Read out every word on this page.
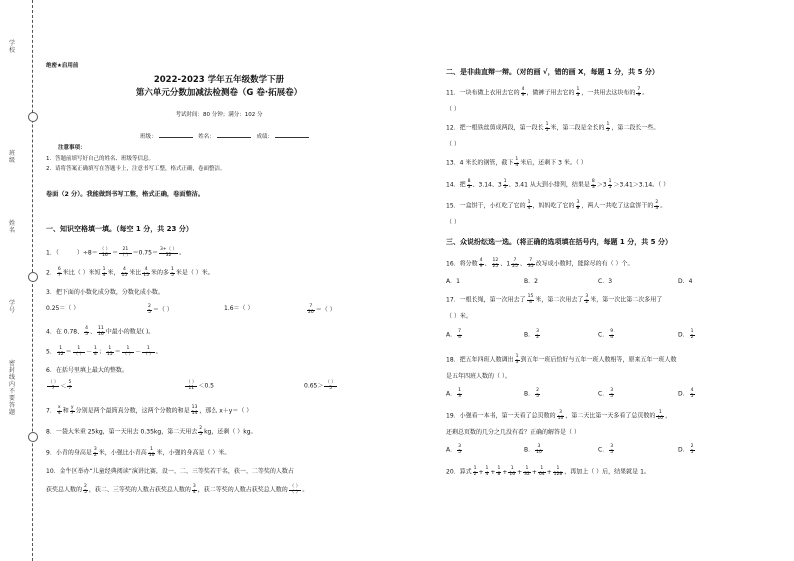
学校
班级
姓名
学号
密封线内不要答题
绝密★启用前
2022-2023 学年五年级数学下册
第六单元分数加减法检测卷（G 卷·拓展卷）
考试时间：80 分钟；满分：102 分
班级：	姓名：	成绩：
注意事项：
1．答题前填写好自己的姓名、班级等信息。
2．请将答案正确填写在答题卡上，注意书写工整，格式正确，卷面整洁。
卷面（2 分）。我能做到书写工整，格式正确，卷面整洁。
一、知识空格填一填。（每空 1 分，共 23 分）
1．（	）$\div 8= \frac{( )}{16} = \frac{21}{( )} =0.75= \frac{3+( )}{32}$ 。
2． $\frac{6}{7}$ 米比（ ）米短 $\frac{1}{4}$ 米， $\frac{4}{15}$ 米比 $\frac{4}{15}$ 米的多 $\frac{1}{5}$ 米是（ ）米。
3．把下面的小数化成分数，分数化成小数。
0.25＝（ ）	$\frac{2}{5}$ ＝（ ）	1.6＝（ ）	$\frac{7}{20}$ ＝（ ）
4．在 0.78、 $\frac{4}{5}$ 、 $\frac{11}{16}$ 中最小的数是( )。
5． $\frac{1}{12} = \frac{1}{( )} - \frac{1}{4}$ ； $\frac{1}{15} = \frac{1}{( )} - \frac{1}{( )}$ 。
6．在括号里填上最大的整数。
$\frac{( )}{7} < \frac{5}{7}$	$\frac{( )}{11} <0.5$	$0.65> \frac{( )}{5}$
7． $\frac{x}{4}$ 和 $\frac{y}{7}$ 分别是两个最简真分数，这两个分数的和是 $\frac{13}{14}$ ，那么 x＋y＝（ ）
8．一袋大米重 25kg，第一天用去 0.35kg，第二天用去 $\frac{2}{5}$ kg，还剩（ ）kg。
9．小青的身高是 $\frac{3}{2}$ 米，小强比小青高 $\frac{1}{10}$ 米，小强的身高是（ ）米。
10．金牛区举办“儿童经典阅读”演讲比赛，设一、二、三等奖若干名，获一、二等奖的人数占
获奖总人数的 $\frac{2}{5}$ ，获二、三等奖的人数占获奖总人数的 $\frac{3}{4}$ ，获二等奖的人数占获奖总人数的 $\frac{( )}{( )}$ 。
二、是非曲直辩一辩。（对的画 √，错的画 X，每题 1 分，共 5 分）
11．一块布做上衣用去它的 $\frac{4}{9}$ ，做裤子用去它的 $\frac{1}{3}$ ，一共用去这块布的 $\frac{7}{9}$ 。
（ ）
12．把一根铁丝剪成两段，第一段长 $\frac{1}{5}$ 米，第二段是全长的 $\frac{1}{5}$ ，第二段长一些。
（ ）
13．4 米长的钢管，截下 $\frac{1}{4}$ 米后，还剩下 3 米。（ ）
14．把 $\frac{8}{3}$ 、3.14、$3 \frac{1}{5}$ 、3.41 从大到小排列，结果是 $\frac{8}{3} >3 \frac{1}{5} >3.41>3.14$。（ ）
15．一盒饼干，小红吃了它的 $\frac{1}{4}$ ，妈妈吃了它的 $\frac{3}{8}$ ，两人一共吃了这盒饼干的 $\frac{2}{3}$ 。
（ ）
三、众说纷纭选一选。（将正确的选项填在括号内，每题 1 分，共 5 分）
16．将分数 $\frac{4}{9}$ 、 $\frac{12}{25}$ 、$1 \frac{7}{25}$ 、 $\frac{7}{35}$ 改写成小数时，能除尽的有（ ）个。
A．1	B．2	C．3	D．4
17．一根长绳，第一次用去了 $\frac{15}{4}$ 米，第二次用去了 $\frac{3}{2}$ 米，第一次比第二次多用了
（ ）米。
A． $\frac{7}{4}$	B． $\frac{3}{2}$	C． $\frac{9}{4}$	D． $\frac{1}{2}$
18．把五年四班人数调出 $\frac{1}{3}$ 到五年一班后恰好与五年一班人数相等，原来五年一班人数
是五年四班人数的（ ）。
A． $\frac{1}{3}$	B． $\frac{2}{5}$	C． $\frac{3}{5}$	D． $\frac{4}{5}$
19．小强看一本书，第一天看了总页数的 $\frac{3}{10}$ ，第二天比第一天多看了总页数的 $\frac{1}{10}$ ，
还剩总页数的几分之几没有看？正确的解答是（ ）
A． $\frac{3}{5}$	B． $\frac{3}{10}$	C． $\frac{3}{5}$	D． $\frac{2}{5}$
20．算式 $\frac{1}{2} + \frac{1}{4} + \frac{1}{8} + \frac{1}{16} + \frac{1}{32} + \frac{1}{64} + \frac{1}{128}$ ，再加上（ ）后，结果就是 1。
